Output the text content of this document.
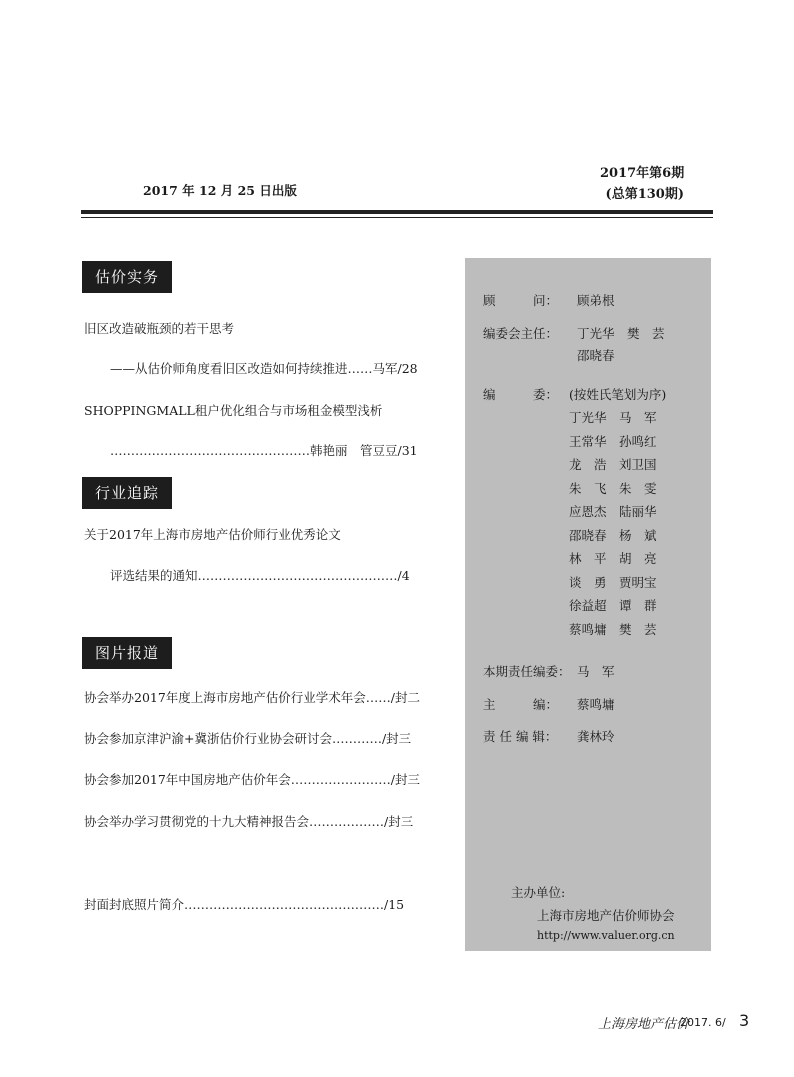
2017 年 12 月 25 日出版
2017年第6期
(总第130期)
估价实务
旧区改造破瓶颈的若干思考
——从估价师角度看旧区改造如何持续推进……马军/28
SHOPPINGMALL租户优化组合与市场租金模型浅析
…………………………………………韩艳丽　管豆豆/31
行业追踪
关于2017年上海市房地产估价师行业优秀论文
评选结果的通知…………………………………………/4
图片报道
协会举办2017年度上海市房地产估价行业学术年会……/封二
协会参加京津沪渝+冀浙估价行业协会研讨会…………/封三
协会参加2017年中国房地产估价年会……………………/封三
协会举办学习贯彻党的十九大精神报告会………………/封三
封面封底照片简介…………………………………………/15
顾　　　问： 顾弟根
编委会主任： 丁光华　樊　芸
邵晓春
编　　　委： (按姓氏笔划为序)
本期责任编委： 马　军
主　　　编： 蔡鸣墉
责 任 编 辑： 龚林玲
主办单位:
上海市房地产估价师协会
http://www.valuer.org.cn
丁光华　马　军
王常华　孙鸣红
龙　浩　刘卫国
朱　飞　朱　雯
应恩杰　陆丽华
邵晓春　杨　斌
林　平　胡　亮
谈　勇　贾明宝
徐益超　谭　群
蔡鸣墉　樊　芸
上海房地产估价
2017. 6/ 3
